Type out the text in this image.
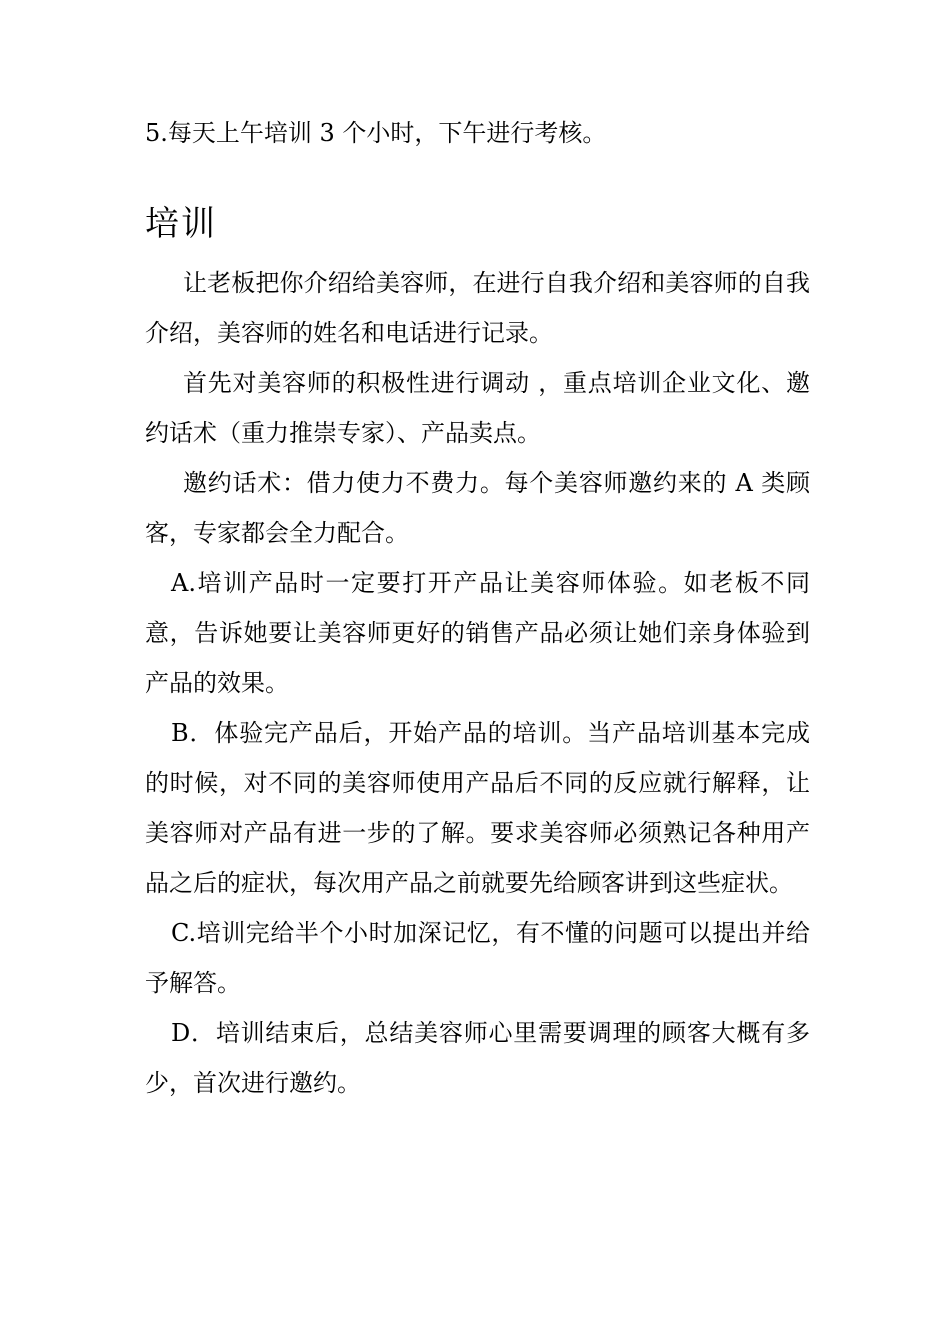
5.每天上午培训 3 个小时，下午进行考核。

培训

让老板把你介绍给美容师，在进行自我介绍和美容师的自我介绍，美容师的姓名和电话进行记录。

首先对美容师的积极性进行调动 ，重点培训企业文化、邀约话术（重力推崇专家）、产品卖点。

邀约话术：借力使力不费力。每个美容师邀约来的 A 类顾客，专家都会全力配合。

A.培训产品时一定要打开产品让美容师体验。如老板不同意，告诉她要让美容师更好的销售产品必须让她们亲身体验到产品的效果。

B．体验完产品后，开始产品的培训。当产品培训基本完成的时候，对不同的美容师使用产品后不同的反应就行解释，让美容师对产品有进一步的了解。要求美容师必须熟记各种用产品之后的症状，每次用产品之前就要先给顾客讲到这些症状。

C.培训完给半个小时加深记忆，有不懂的问题可以提出并给予解答。

D．培训结束后，总结美容师心里需要调理的顾客大概有多少，首次进行邀约。
